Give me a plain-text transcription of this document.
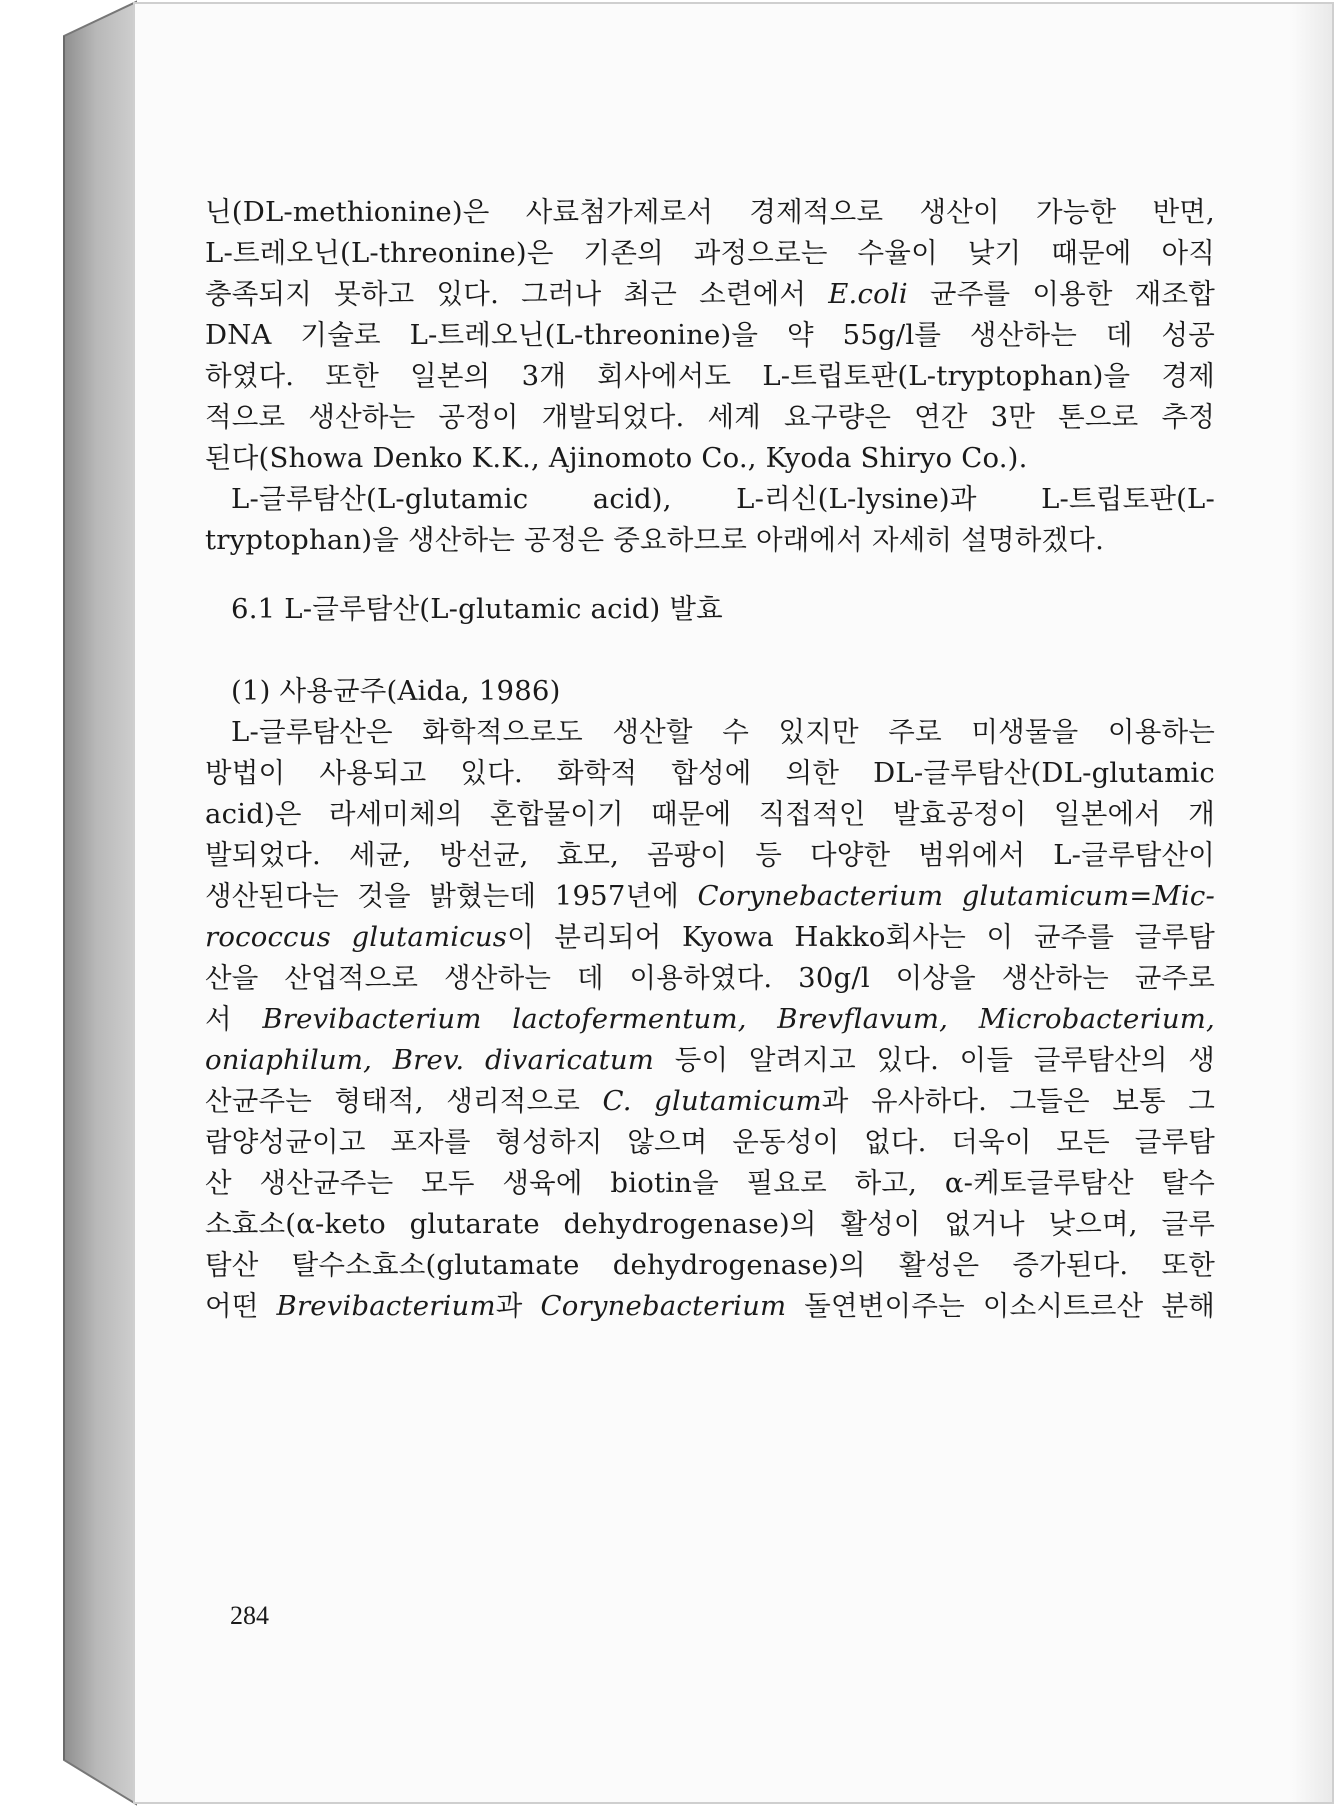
닌(DL-methionine)은 사료첨가제로서 경제적으로 생산이 가능한 반면,
L-트레오닌(L-threonine)은 기존의 과정으로는 수율이 낮기 때문에 아직
충족되지 못하고 있다. 그러나 최근 소련에서 E.coli 균주를 이용한 재조합
DNA 기술로 L-트레오닌(L-threonine)을 약 55g/l를 생산하는 데 성공
하였다. 또한 일본의 3개 회사에서도 L-트립토판(L-tryptophan)을 경제
적으로 생산하는 공정이 개발되었다. 세계 요구량은 연간 3만 톤으로 추정
된다(Showa Denko K.K., Ajinomoto Co., Kyoda Shiryo Co.).
L-글루탐산(L-glutamic acid), L-리신(L-lysine)과 L-트립토판(L-
tryptophan)을 생산하는 공정은 중요하므로 아래에서 자세히 설명하겠다.
6.1 L-글루탐산(L-glutamic acid) 발효
(1) 사용균주(Aida, 1986)
L-글루탐산은 화학적으로도 생산할 수 있지만 주로 미생물을 이용하는
방법이 사용되고 있다. 화학적 합성에 의한 DL-글루탐산(DL-glutamic
acid)은 라세미체의 혼합물이기 때문에 직접적인 발효공정이 일본에서 개
발되었다. 세균, 방선균, 효모, 곰팡이 등 다양한 범위에서 L-글루탐산이
생산된다는 것을 밝혔는데 1957년에 Corynebacterium glutamicum=Mic-
rococcus glutamicus이 분리되어 Kyowa Hakko회사는 이 균주를 글루탐
산을 산업적으로 생산하는 데 이용하였다. 30g/l 이상을 생산하는 균주로
서 Brevibacterium lactofermentum, Brevflavum, Microbacterium,
oniaphilum, Brev. divaricatum 등이 알려지고 있다. 이들 글루탐산의 생
산균주는 형태적, 생리적으로 C. glutamicum과 유사하다. 그들은 보통 그
람양성균이고 포자를 형성하지 않으며 운동성이 없다. 더욱이 모든 글루탐
산 생산균주는 모두 생육에 biotin을 필요로 하고, α-케토글루탐산 탈수
소효소(α-keto glutarate dehydrogenase)의 활성이 없거나 낮으며, 글루
탐산 탈수소효소(glutamate dehydrogenase)의 활성은 증가된다. 또한
어떤 Brevibacterium과 Corynebacterium 돌연변이주는 이소시트르산 분해
284
